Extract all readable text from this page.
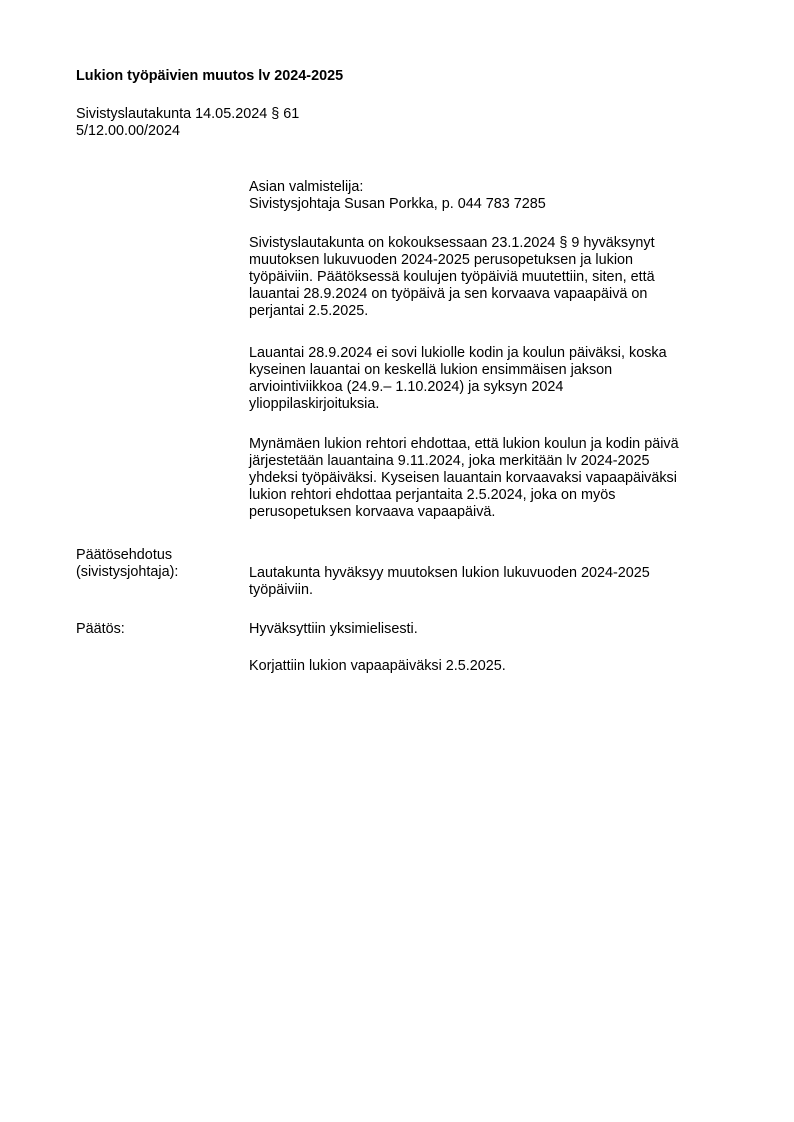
Lukion työpäivien muutos lv 2024-2025
Sivistyslautakunta 14.05.2024 § 61
5/12.00.00/2024
Asian valmistelija:
Sivistysjohtaja Susan Porkka, p. 044 783 7285
Sivistyslautakunta on kokouksessaan 23.1.2024 § 9 hyväksynyt
muutoksen lukuvuoden 2024-2025 perusopetuksen ja lukion
työpäiviin. Päätöksessä koulujen työpäiviä muutettiin, siten, että
lauantai 28.9.2024 on työpäivä ja sen korvaava vapaapäivä on
perjantai 2.5.2025.
Lauantai 28.9.2024 ei sovi lukiolle kodin ja koulun päiväksi, koska
kyseinen lauantai on keskellä lukion ensimmäisen jakson
arviointiviikkoa (24.9.– 1.10.2024) ja syksyn 2024
ylioppilaskirjoituksia.
Mynämäen lukion rehtori ehdottaa, että lukion koulun ja kodin päivä
järjestetään lauantaina 9.11.2024, joka merkitään lv 2024-2025
yhdeksi työpäiväksi. Kyseisen lauantain korvaavaksi vapaapäiväksi
lukion rehtori ehdottaa perjantaita 2.5.2024, joka on myös
perusopetuksen korvaava vapaapäivä.
Päätösehdotus
(sivistysjohtaja):	Lautakunta hyväksyy muutoksen lukion lukuvuoden 2024-2025
työpäiviin.
Päätös:	Hyväksyttiin yksimielisesti.
Korjattiin lukion vapaapäiväksi 2.5.2025.
